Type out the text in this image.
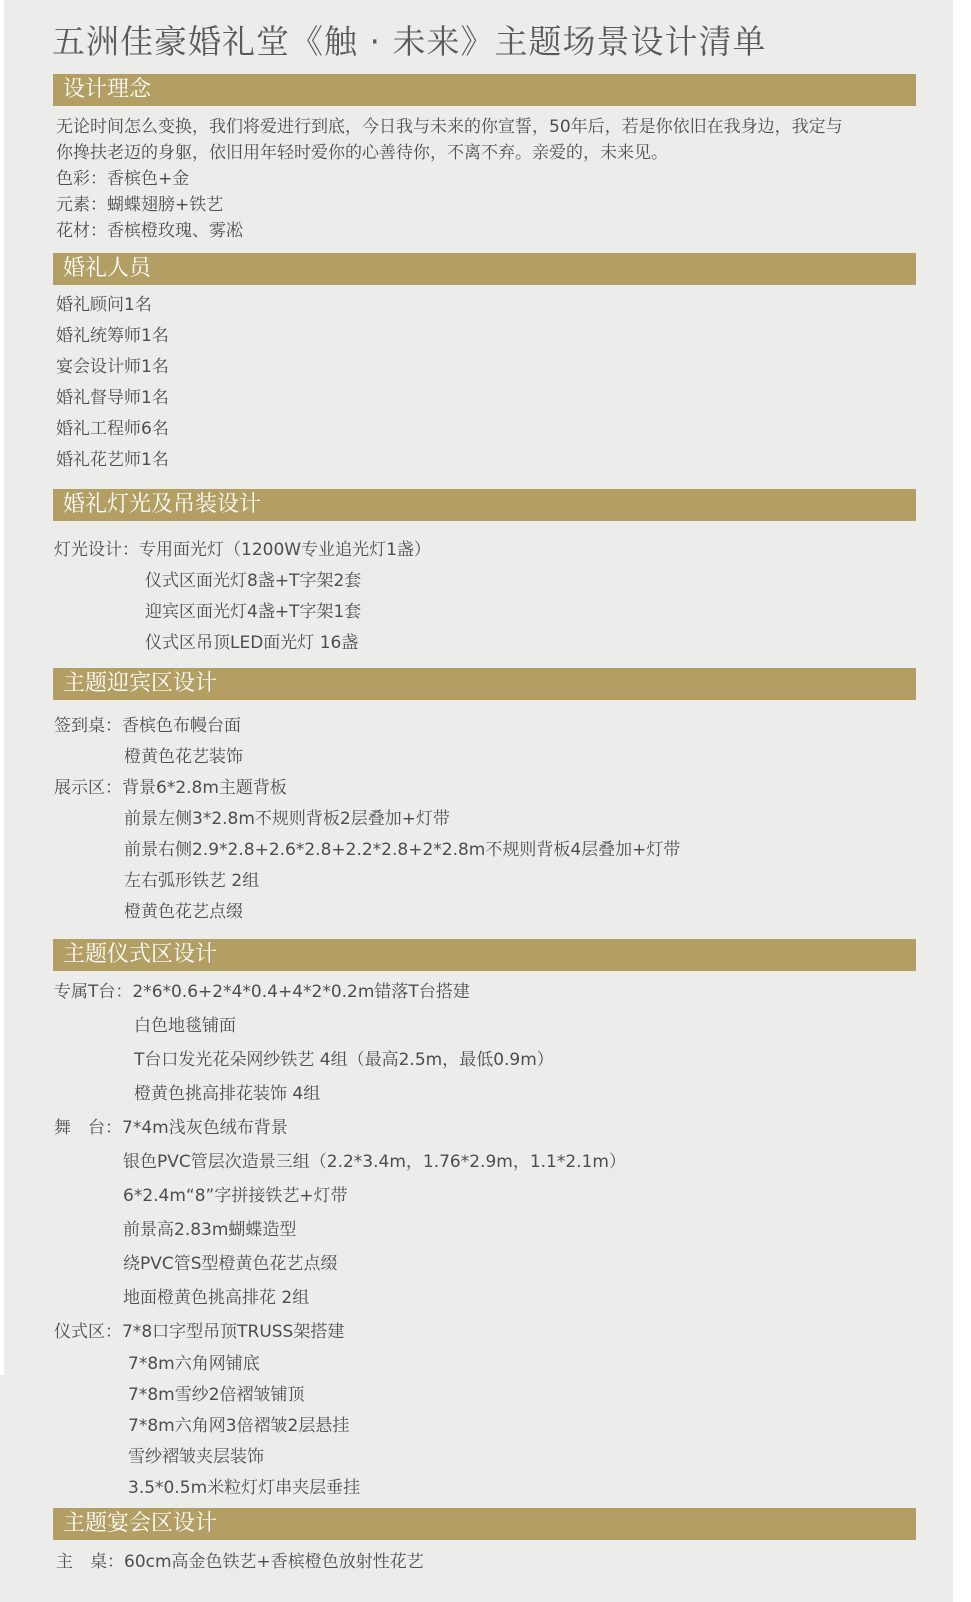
五洲佳豪婚礼堂《触 · 未来》主题场景设计清单
设计理念
无论时间怎么变换，我们将爱进行到底，今日我与未来的你宣誓，50年后，若是你依旧在我身边，我定与
你搀扶老迈的身躯，依旧用年轻时爱你的心善待你，不离不弃。亲爱的，未来见。
色彩：香槟色+金
元素：蝴蝶翅膀+铁艺
花材：香槟橙玫瑰、雾凇
婚礼人员
婚礼顾问1名
婚礼统筹师1名
宴会设计师1名
婚礼督导师1名
婚礼工程师6名
婚礼花艺师1名
婚礼灯光及吊装设计
灯光设计：专用面光灯（1200W专业追光灯1盏）
仪式区面光灯8盏+T字架2套
迎宾区面光灯4盏+T字架1套
仪式区吊顶LED面光灯 16盏
主题迎宾区设计
签到桌：香槟色布幔台面
橙黄色花艺装饰
展示区：背景6*2.8m主题背板
前景左侧3*2.8m不规则背板2层叠加+灯带
前景右侧2.9*2.8+2.6*2.8+2.2*2.8+2*2.8m不规则背板4层叠加+灯带
左右弧形铁艺 2组
橙黄色花艺点缀
主题仪式区设计
专属T台：2*6*0.6+2*4*0.4+4*2*0.2m错落T台搭建
白色地毯铺面
T台口发光花朵网纱铁艺 4组（最高2.5m，最低0.9m）
橙黄色挑高排花装饰 4组
舞　台：7*4m浅灰色绒布背景
银色PVC管层次造景三组（2.2*3.4m，1.76*2.9m，1.1*2.1m）
6*2.4m“8”字拼接铁艺+灯带
前景高2.83m蝴蝶造型
绕PVC管S型橙黄色花艺点缀
地面橙黄色挑高排花 2组
仪式区：7*8口字型吊顶TRUSS架搭建
7*8m六角网铺底
7*8m雪纱2倍褶皱铺顶
7*8m六角网3倍褶皱2层悬挂
雪纱褶皱夹层装饰
3.5*0.5m米粒灯灯串夹层垂挂
主题宴会区设计
主　桌：60cm高金色铁艺+香槟橙色放射性花艺
